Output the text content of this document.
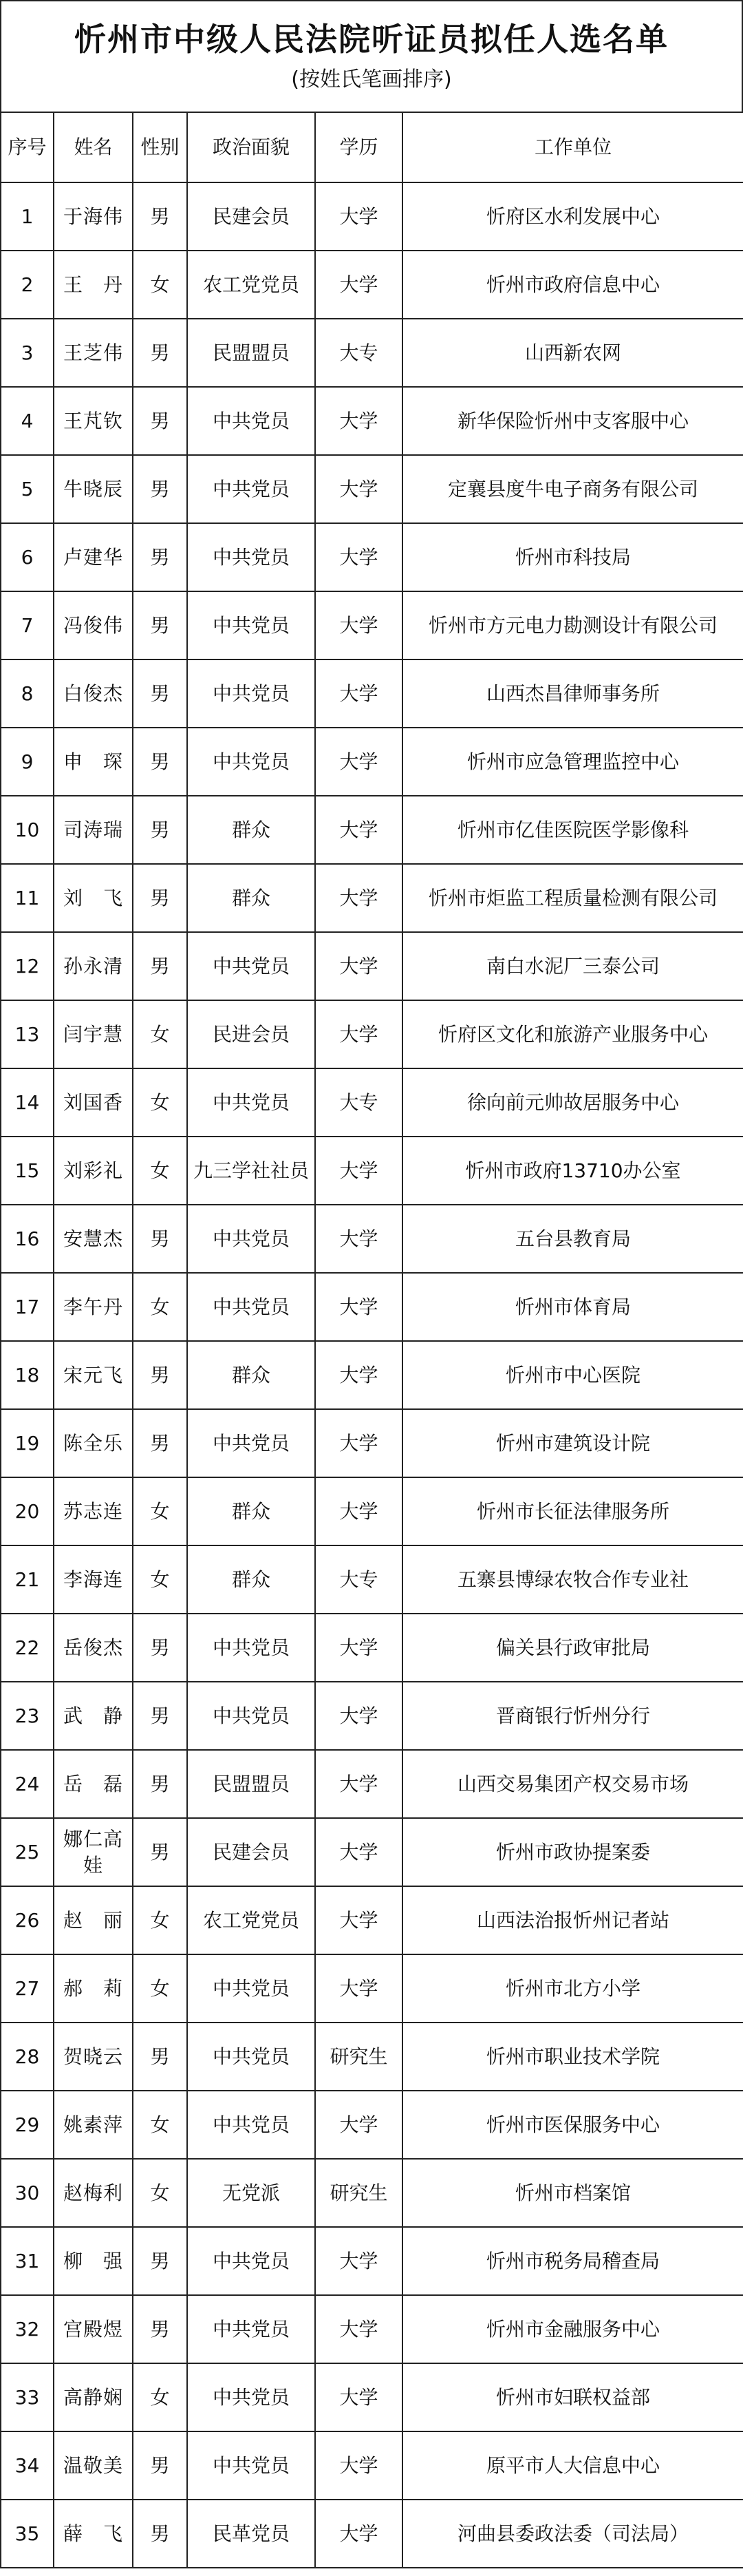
忻州市中级人民法院听证员拟任人选名单
(按姓氏笔画排序)
序号	姓名	性别	政治面貌	学历	工作单位
1	于海伟	男	民建会员	大学	忻府区水利发展中心
2	王　丹	女	农工党党员	大学	忻州市政府信息中心
3	王芝伟	男	民盟盟员	大专	山西新农网
4	王芃钦	男	中共党员	大学	新华保险忻州中支客服中心
5	牛晓辰	男	中共党员	大学	定襄县度牛电子商务有限公司
6	卢建华	男	中共党员	大学	忻州市科技局
7	冯俊伟	男	中共党员	大学	忻州市方元电力勘测设计有限公司
8	白俊杰	男	中共党员	大学	山西杰昌律师事务所
9	申　琛	男	中共党员	大学	忻州市应急管理监控中心
10	司涛瑞	男	群众	大学	忻州市亿佳医院医学影像科
11	刘　飞	男	群众	大学	忻州市炬监工程质量检测有限公司
12	孙永清	男	中共党员	大学	南白水泥厂三泰公司
13	闫宇慧	女	民进会员	大学	忻府区文化和旅游产业服务中心
14	刘国香	女	中共党员	大专	徐向前元帅故居服务中心
15	刘彩礼	女	九三学社社员	大学	忻州市政府13710办公室
16	安慧杰	男	中共党员	大学	五台县教育局
17	李午丹	女	中共党员	大学	忻州市体育局
18	宋元飞	男	群众	大学	忻州市中心医院
19	陈全乐	男	中共党员	大学	忻州市建筑设计院
20	苏志连	女	群众	大学	忻州市长征法律服务所
21	李海连	女	群众	大专	五寨县博绿农牧合作专业社
22	岳俊杰	男	中共党员	大学	偏关县行政审批局
23	武　静	男	中共党员	大学	晋商银行忻州分行
24	岳　磊	男	民盟盟员	大学	山西交易集团产权交易市场
25	娜仁高娃	男	民建会员	大学	忻州市政协提案委
26	赵　丽	女	农工党党员	大学	山西法治报忻州记者站
27	郝　莉	女	中共党员	大学	忻州市北方小学
28	贺晓云	男	中共党员	研究生	忻州市职业技术学院
29	姚素萍	女	中共党员	大学	忻州市医保服务中心
30	赵梅利	女	无党派	研究生	忻州市档案馆
31	柳　强	男	中共党员	大学	忻州市税务局稽查局
32	宫殿煜	男	中共党员	大学	忻州市金融服务中心
33	高静娴	女	中共党员	大学	忻州市妇联权益部
34	温敬美	男	中共党员	大学	原平市人大信息中心
35	薛　飞	男	民革党员	大学	河曲县委政法委（司法局）
